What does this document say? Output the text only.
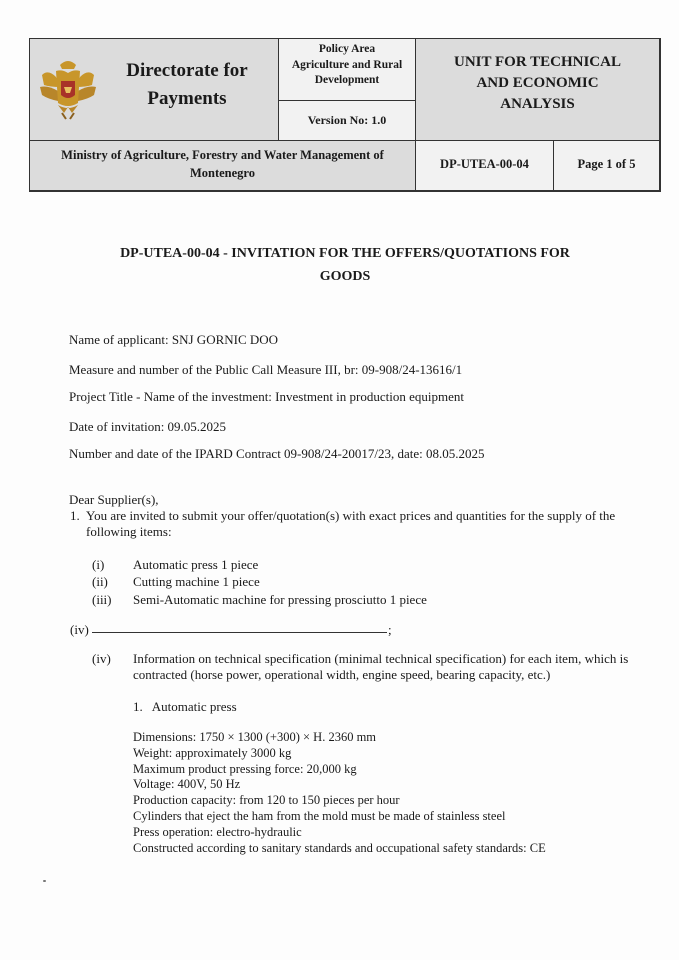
Directorate for
Payments
Policy Area
Agriculture and Rural
Development
Version No: 1.0
UNIT FOR TECHNICAL
AND ECONOMIC
ANALYSIS
Ministry of Agriculture, Forestry and Water Management of
Montenegro
DP-UTEA-00-04	Page 1 of 5
DP-UTEA-00-04 - INVITATION FOR THE OFFERS/QUOTATIONS FOR
GOODS
Name of applicant: SNJ GORNIC DOO
Measure and number of the Public Call Measure III, br: 09-908/24-13616/1
Project Title - Name of the investment: Investment in production equipment
Date of invitation: 09.05.2025
Number and date of the IPARD Contract 09-908/24-20017/23, date: 08.05.2025
Dear Supplier(s),
1. You are invited to submit your offer/quotation(s) with exact prices and quantities for the supply of the following items:
(i) Automatic press 1 piece
(ii) Cutting machine 1 piece
(iii) Semi-Automatic machine for pressing prosciutto 1 piece
(iv)	;
(iv) Information on technical specification (minimal technical specification) for each item, which is contracted (horse power, operational width, engine speed, bearing capacity, etc.)
1.   Automatic press
Dimensions: 1750 × 1300 (+300) × H. 2360 mm
Weight: approximately 3000 kg
Maximum product pressing force: 20,000 kg
Voltage: 400V, 50 Hz
Production capacity: from 120 to 150 pieces per hour
Cylinders that eject the ham from the mold must be made of stainless steel
Press operation: electro-hydraulic
Constructed according to sanitary standards and occupational safety standards: CE
